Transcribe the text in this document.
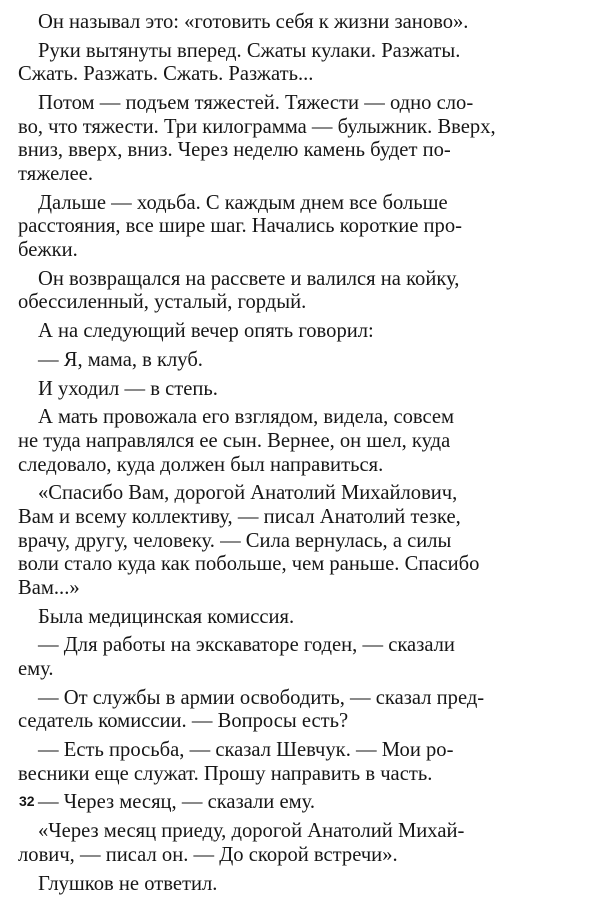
Он называл это: «готовить себя к жизни заново».

Руки вытянуты вперед. Сжаты кулаки. Разжаты.
Сжать. Разжать. Сжать. Разжать...

Потом — подъем тяжестей. Тяжести — одно сло-
во, что тяжести. Три килограмма — булыжник. Вверх,
вниз, вверх, вниз. Через неделю камень будет по-
тяжелее.

Дальше — ходьба. С каждым днем все больше
расстояния, все шире шаг. Начались короткие про-
бежки.

Он возвращался на рассвете и валился на койку,
обессиленный, усталый, гордый.

А на следующий вечер опять говорил:

— Я, мама, в клуб.

И уходил — в степь.

А мать провожала его взглядом, видела, совсем
не туда направлялся ее сын. Вернее, он шел, куда
следовало, куда должен был направиться.

«Спасибо Вам, дорогой Анатолий Михайлович,
Вам и всему коллективу, — писал Анатолий тезке,
врачу, другу, человеку. — Сила вернулась, а силы
воли стало куда как побольше, чем раньше. Спасибо
Вам...»

Была медицинская комиссия.

— Для работы на экскаваторе годен, — сказали
ему.

— От службы в армии освободить, — сказал пред-
седатель комиссии. — Вопросы есть?

— Есть просьба, — сказал Шевчук. — Мои ро-
весники еще служат. Прошу направить в часть.

— Через месяц, — сказали ему.

«Через месяц приеду, дорогой Анатолий Михай-
лович, — писал он. — До скорой встречи».

Глушков не ответил.

32
